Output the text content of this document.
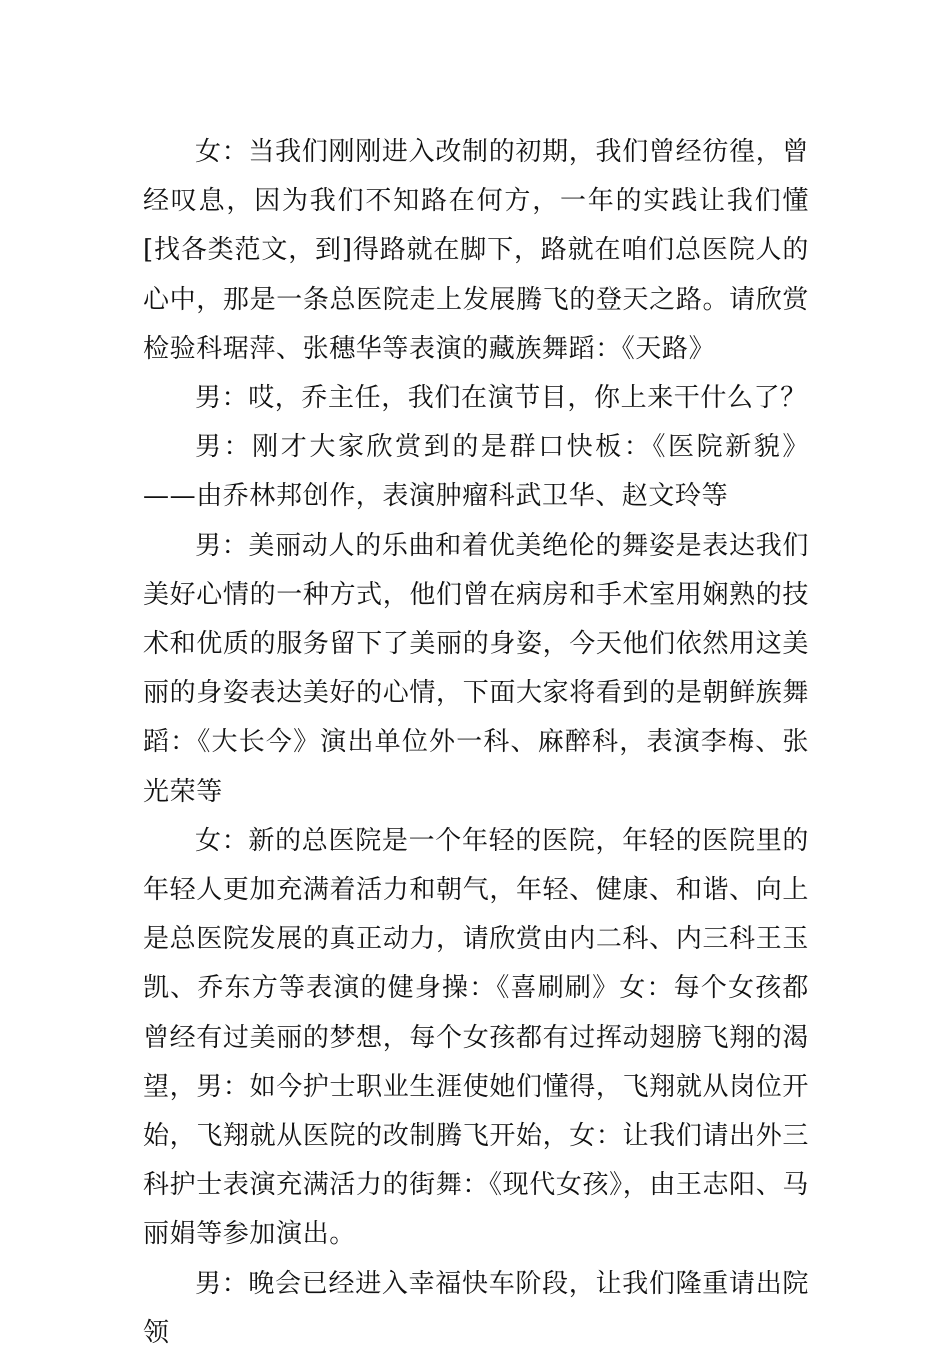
女：当我们刚刚进入改制的初期，我们曾经彷徨，曾经叹息，因为我们不知路在何方，一年的实践让我们懂[找各类范文，到]得路就在脚下，路就在咱们总医院人的心中，那是一条总医院走上发展腾飞的登天之路。请欣赏检验科琚萍、张穗华等表演的藏族舞蹈：《天路》

男：哎，乔主任，我们在演节目，你上来干什么了？

男：刚才大家欣赏到的是群口快板：《医院新貌》——由乔林邦创作，表演肿瘤科武卫华、赵文玲等

男：美丽动人的乐曲和着优美绝伦的舞姿是表达我们美好心情的一种方式，他们曾在病房和手术室用娴熟的技术和优质的服务留下了美丽的身姿，今天他们依然用这美丽的身姿表达美好的心情，下面大家将看到的是朝鲜族舞蹈：《大长今》演出单位外一科、麻醉科，表演李梅、张光荣等

女：新的总医院是一个年轻的医院，年轻的医院里的年轻人更加充满着活力和朝气，年轻、健康、和谐、向上是总医院发展的真正动力，请欣赏由内二科、内三科王玉凯、乔东方等表演的健身操：《喜刷刷》女：每个女孩都曾经有过美丽的梦想，每个女孩都有过挥动翅膀飞翔的渴望，男：如今护士职业生涯使她们懂得，飞翔就从岗位开始，飞翔就从医院的改制腾飞开始，女：让我们请出外三科护士表演充满活力的街舞：《现代女孩》，由王志阳、马丽娟等参加演出。

男：晚会已经进入幸福快车阶段，让我们隆重请出院领
